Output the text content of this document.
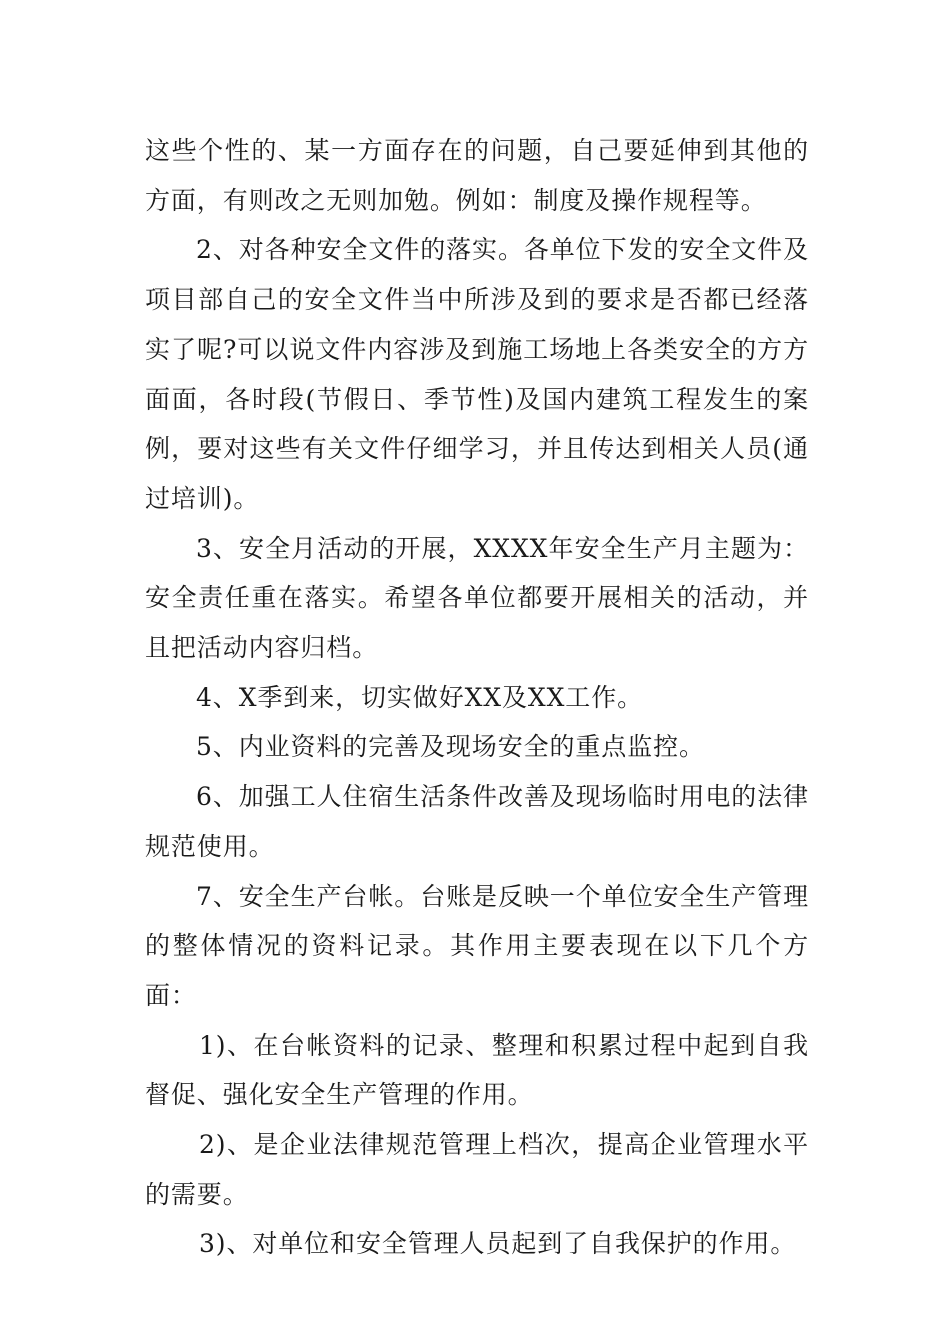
这些个性的、某一方面存在的问题，自己要延伸到其他的方面，有则改之无则加勉。例如：制度及操作规程等。

2、对各种安全文件的落实。各单位下发的安全文件及项目部自己的安全文件当中所涉及到的要求是否都已经落实了呢?可以说文件内容涉及到施工场地上各类安全的方方面面，各时段(节假日、季节性)及国内建筑工程发生的案例，要对这些有关文件仔细学习，并且传达到相关人员(通过培训)。

3、安全月活动的开展，XXXX年安全生产月主题为：安全责任重在落实。希望各单位都要开展相关的活动，并且把活动内容归档。

4、X季到来，切实做好XX及XX工作。

5、内业资料的完善及现场安全的重点监控。

6、加强工人住宿生活条件改善及现场临时用电的法律规范使用。

7、安全生产台帐。台账是反映一个单位安全生产管理的整体情况的资料记录。其作用主要表现在以下几个方面：

1)、在台帐资料的记录、整理和积累过程中起到自我督促、强化安全生产管理的作用。

2)、是企业法律规范管理上档次，提高企业管理水平的需要。

3)、对单位和安全管理人员起到了自我保护的作用。
